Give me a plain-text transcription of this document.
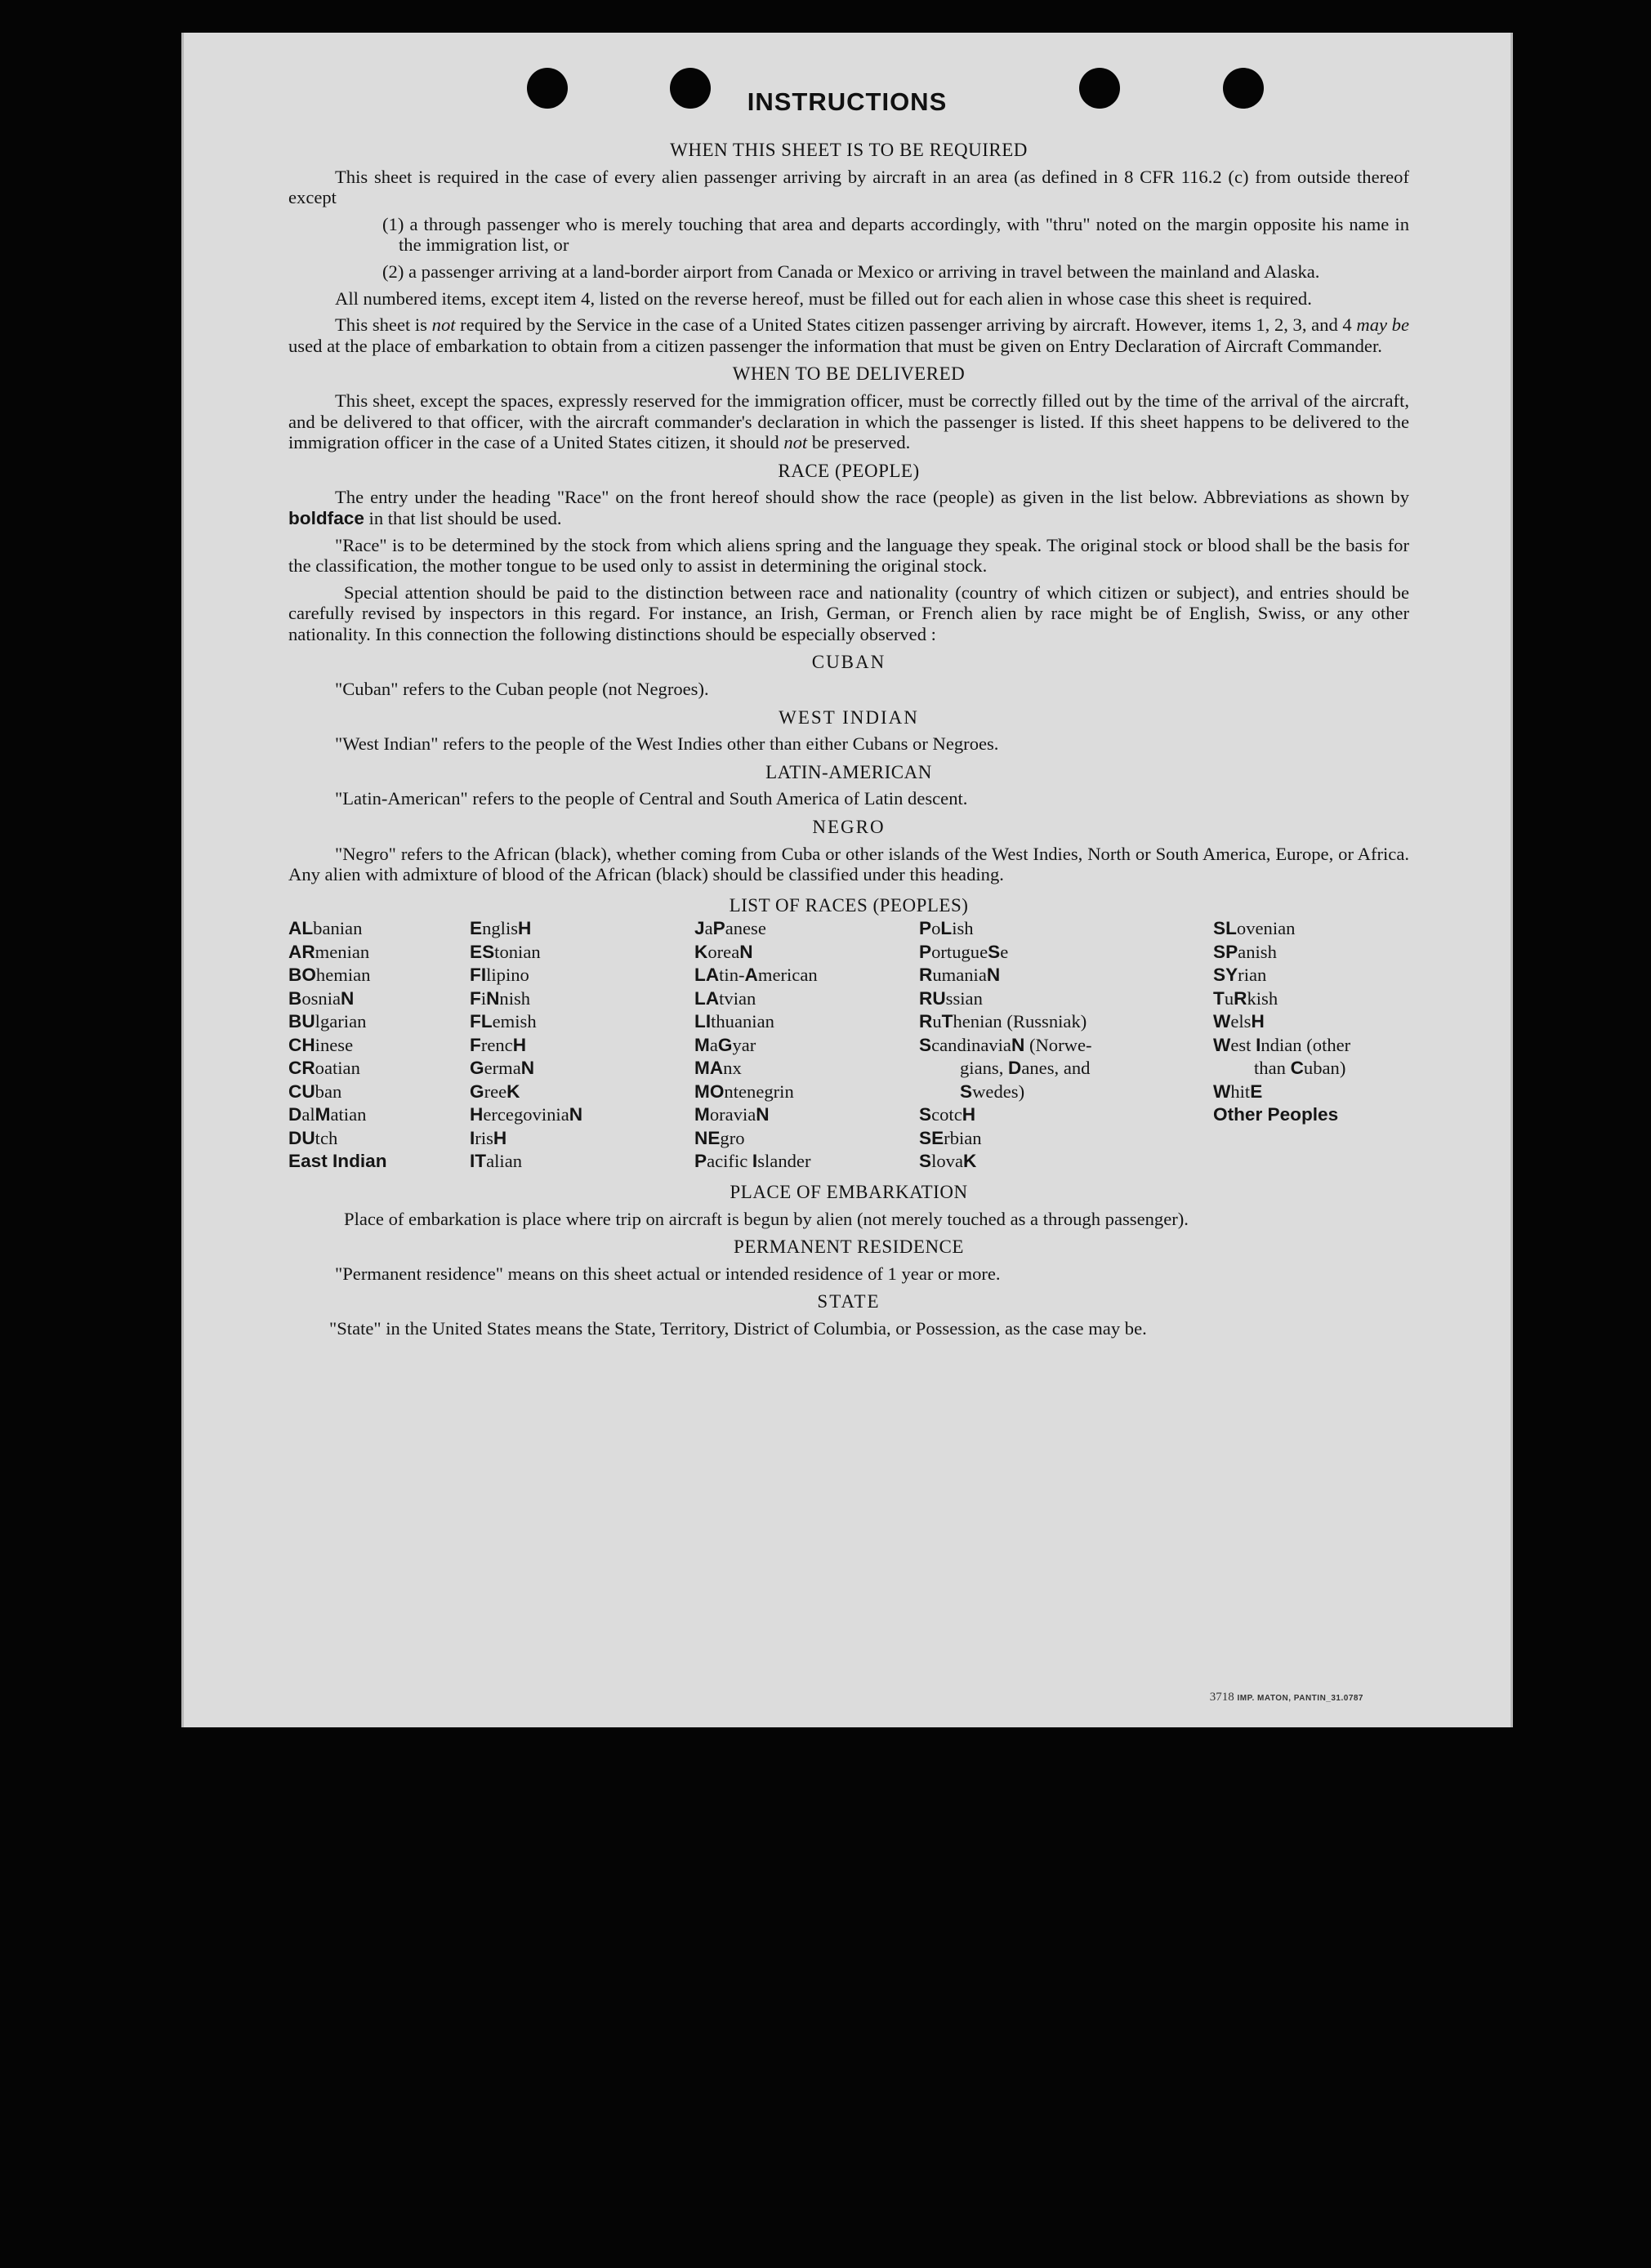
INSTRUCTIONS
WHEN THIS SHEET IS TO BE REQUIRED

This sheet is required in the case of every alien passenger arriving by aircraft in an area (as defined in 8 CFR 116.2 (c) from outside thereof except

(1) a through passenger who is merely touching that area and departs accordingly, with "thru" noted on the margin opposite his name in the immigration list, or

(2) a passenger arriving at a land-border airport from Canada or Mexico or arriving in travel between the mainland and Alaska.

All numbered items, except item 4, listed on the reverse hereof, must be filled out for each alien in whose case this sheet is required.

This sheet is not required by the Service in the case of a United States citizen passenger arriving by aircraft. However, items 1, 2, 3, and 4 may be used at the place of embarkation to obtain from a citizen passenger the information that must be given on Entry Declaration of Aircraft Commander.

WHEN TO BE DELIVERED

This sheet, except the spaces, expressly reserved for the immigration officer, must be correctly filled out by the time of the arrival of the aircraft, and be delivered to that officer, with the aircraft commander's declaration in which the passenger is listed. If this sheet happens to be delivered to the immigration officer in the case of a United States citizen, it should not be preserved.

RACE (PEOPLE)

The entry under the heading "Race" on the front hereof should show the race (people) as given in the list below. Abbreviations as shown by boldface in that list should be used.

"Race" is to be determined by the stock from which aliens spring and the language they speak. The original stock or blood shall be the basis for the classification, the mother tongue to be used only to assist in determining the original stock.

Special attention should be paid to the distinction between race and nationality (country of which citizen or subject), and entries should be carefully revised by inspectors in this regard. For instance, an Irish, German, or French alien by race might be of English, Swiss, or any other nationality. In this connection the following distinctions should be especially observed :

CUBAN

"Cuban" refers to the Cuban people (not Negroes).

WEST INDIAN

"West Indian" refers to the people of the West Indies other than either Cubans or Negroes.

LATIN-AMERICAN

"Latin-American" refers to the people of Central and South America of Latin descent.

NEGRO

"Negro" refers to the African (black), whether coming from Cuba or other islands of the West Indies, North or South America, Europe, or Africa. Any alien with admixture of blood of the African (black) should be classified under this heading.

LIST OF RACES (PEOPLES)
ALbanian
ARmenian
BOhemian
BosniaN
BUlgarian
CHinese
CRoatian
CUban
DalMatian
DUtch
East Indian
EnglisH
EStonian
FIlipino
FiNnish
FLemish
FrencH
GermaN
GreeK
HercegoviniaN
IrisH
ITalian
JaPanese
KoreaN
LAtin-American
LAtvian
LIthuanian
MaGyar
MAnx
MOntenegrin
MoraviaN
NEgro
Pacific Islander
PoLish
PortugueSe
RumaniaN
RUssian
RuThenian (Russniak)
ScandinaviaN (Norwe-
gians, Danes, and
Swedes)
ScotcH
SErbian
SlovaK
SLovenian
SPanish
SYrian
TuRkish
WelsH
West Indian (other
than Cuban)
WhitE
Other Peoples
PLACE OF EMBARKATION

Place of embarkation is place where trip on aircraft is begun by alien (not merely touched as a through passenger).

PERMANENT RESIDENCE

"Permanent residence" means on this sheet actual or intended residence of 1 year or more.

STATE

"State" in the United States means the State, Territory, District of Columbia, or Possession, as the case may be.

3718 IMP. MATON, PANTIN_31.0787
